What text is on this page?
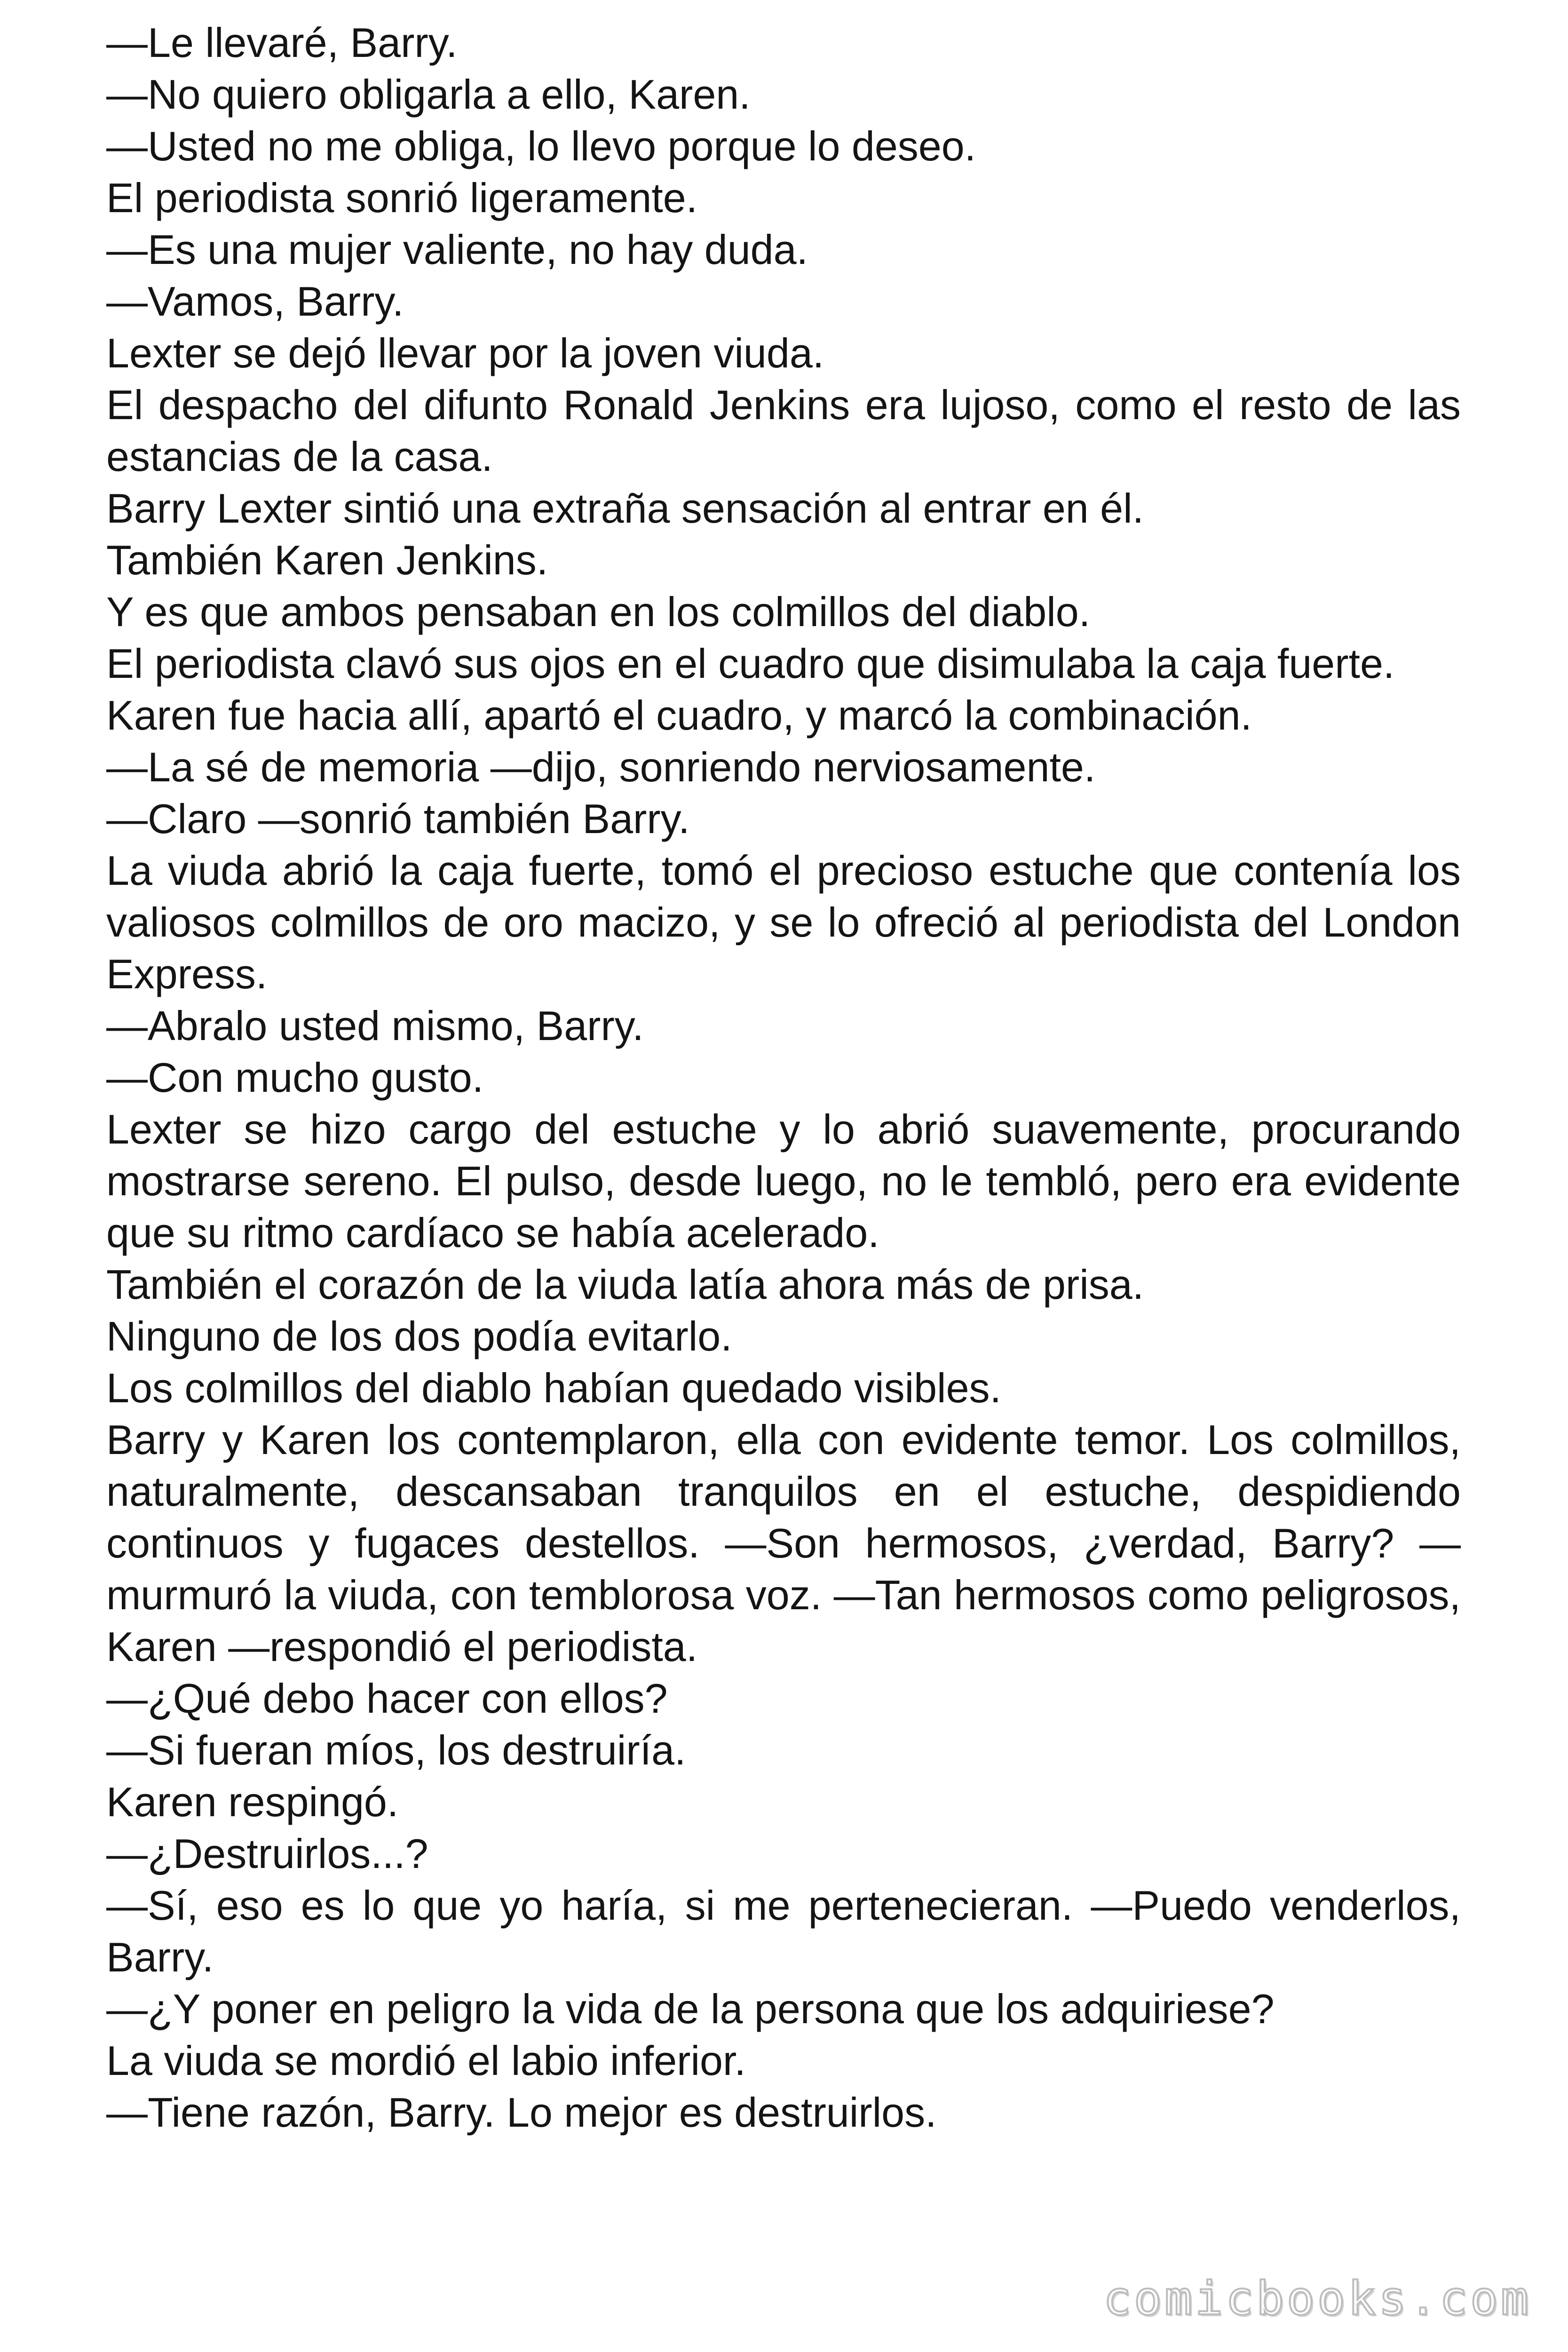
—Le llevaré, Barry.

—No quiero obligarla a ello, Karen.

—Usted no me obliga, lo llevo porque lo deseo.

El periodista sonrió ligeramente.

—Es una mujer valiente, no hay duda.

—Vamos, Barry.

Lexter se dejó llevar por la joven viuda.

El despacho del difunto Ronald Jenkins era lujoso, como el resto de las estancias de la casa.

Barry Lexter sintió una extraña sensación al entrar en él.

También Karen Jenkins.

Y es que ambos pensaban en los colmillos del diablo.

El periodista clavó sus ojos en el cuadro que disimulaba la caja fuerte.

Karen fue hacia allí, apartó el cuadro, y marcó la combinación.

—La sé de memoria —dijo, sonriendo nerviosamente.

—Claro —sonrió también Barry.

La viuda abrió la caja fuerte, tomó el precioso estuche que contenía los valiosos colmillos de oro macizo, y se lo ofreció al periodista del London Express.

—Abralo usted mismo, Barry.

—Con mucho gusto.

Lexter se hizo cargo del estuche y lo abrió suavemente, procurando mostrarse sereno. El pulso, desde luego, no le tembló, pero era evidente que su ritmo cardíaco se había acelerado.

También el corazón de la viuda latía ahora más de prisa.

Ninguno de los dos podía evitarlo.

Los colmillos del diablo habían quedado visibles.

Barry y Karen los contemplaron, ella con evidente temor. Los colmillos, naturalmente, descansaban tranquilos en el estuche, despidiendo continuos y fugaces destellos. —Son hermosos, ¿verdad, Barry? —murmuró la viuda, con temblorosa voz. —Tan hermosos como peligrosos, Karen —respondió el periodista.

—¿Qué debo hacer con ellos?

—Si fueran míos, los destruiría.

Karen respingó.

—¿Destruirlos...?

—Sí, eso es lo que yo haría, si me pertenecieran. —Puedo venderlos, Barry.

—¿Y poner en peligro la vida de la persona que los adquiriese?

La viuda se mordió el labio inferior.

—Tiene razón, Barry. Lo mejor es destruirlos.

comicbooks.com
